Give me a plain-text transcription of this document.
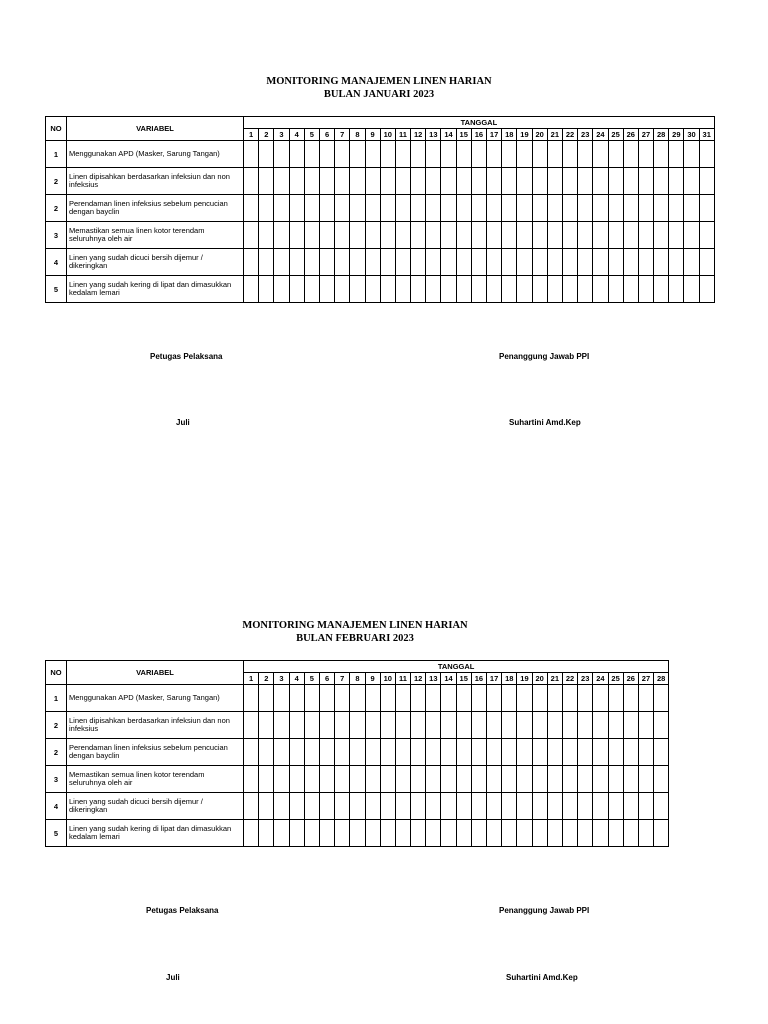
MONITORING MANAJEMEN LINEN HARIAN
BULAN JANUARI 2023
NO	VARIABEL	TANGGAL																														
		1	2	3	4	5	6	7	8	9	10	11	12	13	14	15	16	17	18	19	20	21	22	23	24	25	26	27	28	29	30	31
1	Menggunakan APD (Masker, Sarung Tangan)																															
2	Linen dipisahkan berdasarkan infeksiun dan non infeksius																															
2	Perendaman linen infeksius sebelum pencucian dengan bayclin																															
3	Memastikan semua linen kotor terendam seluruhnya oleh air																															
4	Linen yang sudah dicuci bersih dijemur / dikeringkan																															
5	Linen yang sudah kering di lipat dan dimasukkan kedalam lemari																															
Petugas Pelaksana	Penanggung Jawab PPI
Juli	Suhartini Amd.Kep
MONITORING MANAJEMEN LINEN HARIAN
BULAN FEBRUARI 2023
NO	VARIABEL	TANGGAL																											
		1	2	3	4	5	6	7	8	9	10	11	12	13	14	15	16	17	18	19	20	21	22	23	24	25	26	27	28
1	Menggunakan APD (Masker, Sarung Tangan)																												
2	Linen dipisahkan berdasarkan infeksiun dan non infeksius																												
2	Perendaman linen infeksius sebelum pencucian dengan bayclin																												
3	Memastikan semua linen kotor terendam seluruhnya oleh air																												
4	Linen yang sudah dicuci bersih dijemur / dikeringkan																												
5	Linen yang sudah kering di lipat dan dimasukkan kedalam lemari																												
Petugas Pelaksana	Penanggung Jawab PPI
Juli	Suhartini Amd.Kep
